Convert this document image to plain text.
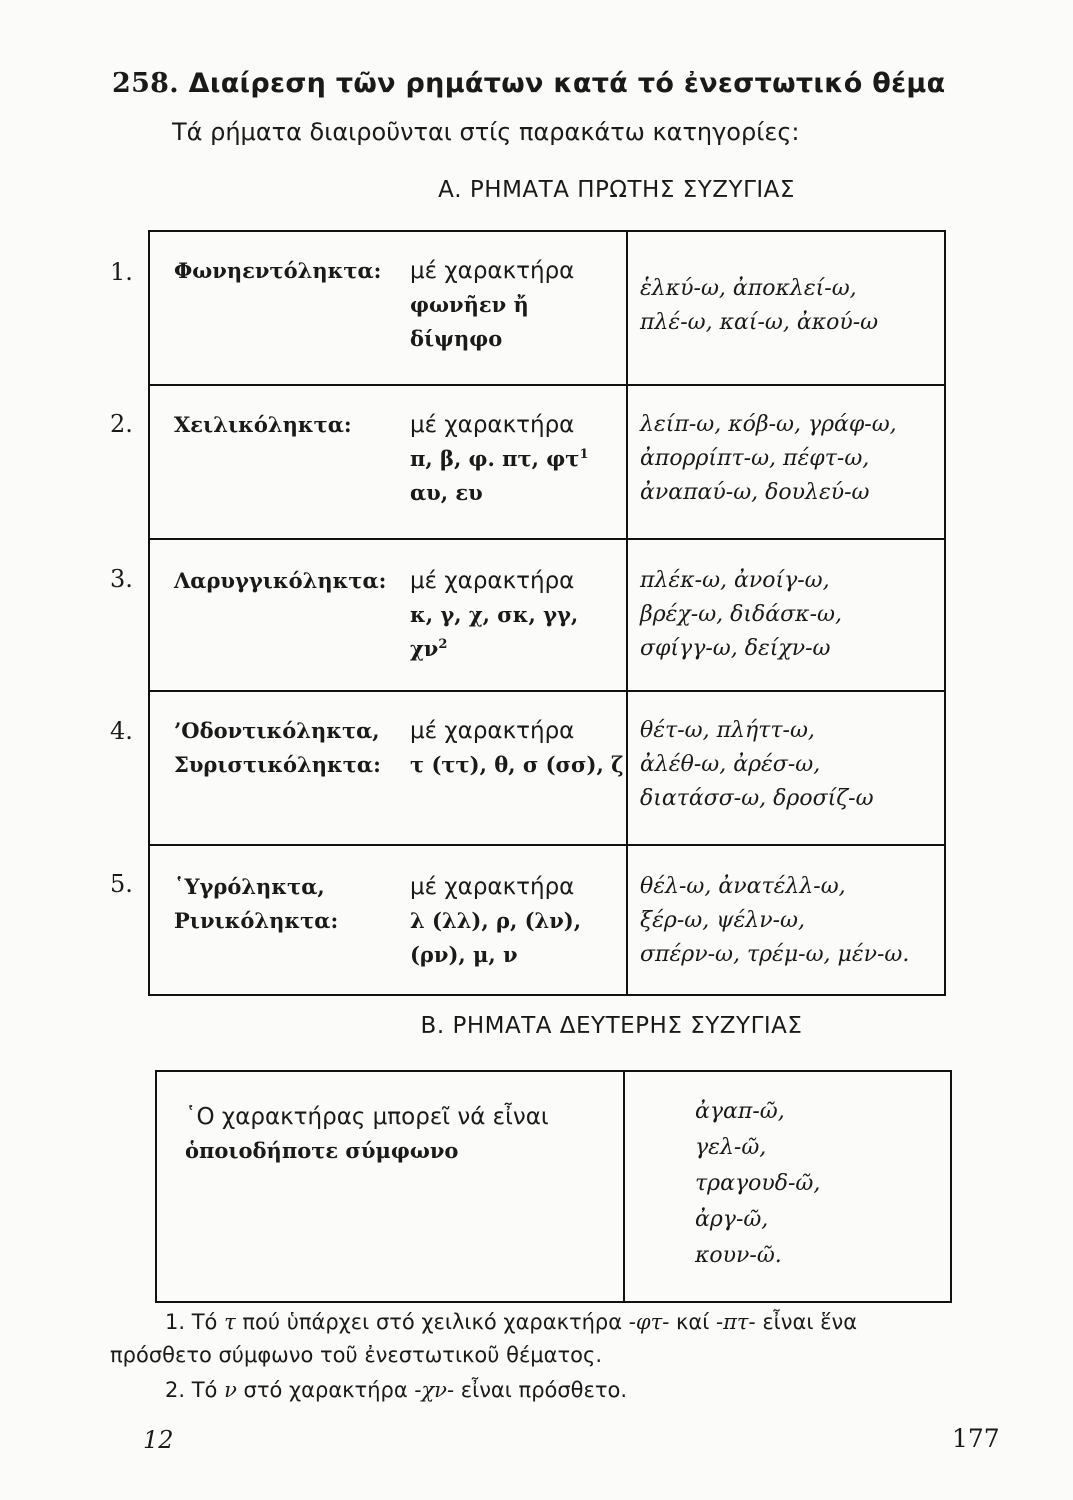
258. Διαίρεση τῶν ρημάτων κατά τό ἐνεστωτικό θέμα
Τά ρήματα διαιροῦνται στίς παρακάτω κατηγορίες:
Α. ΡΗΜΑΤΑ ΠΡΩΤΗΣ ΣΥΖΥΓΙΑΣ
1.
2.
3.
4.
5.
Φωνηεντόληκτα: μέ χαρακτήρα
φωνῆεν ἤ
δίψηφο
ἑλκύ-ω, ἀποκλεί-ω,
πλέ-ω, καί-ω, ἀκού-ω
Χειλικόληκτα:	μέ χαρακτήρα
π, β, φ. πτ, $\varphi\tau^1$
αυ, ευ
λείπ-ω, κόβ-ω, γράφ-ω,
ἀπορρίπτ-ω, πέφτ-ω,
ἀναπαύ-ω, δουλεύ-ω
Λαρυγγικόληκτα: μέ χαρακτήρα
κ, γ, χ, σκ, γγ,
$\chi\nu^2$
πλέκ-ω, ἀνοίγ-ω,
βρέχ-ω, διδάσκ-ω,
σφίγγ-ω, δείχν-ω
’Οδοντικόληκτα,
Συριστικόληκτα:
μέ χαρακτήρα
τ (ττ), θ, σ (σσ), ζ
θέτ-ω, πλήττ-ω,
ἀλέθ-ω, ἀρέσ-ω,
διατάσσ-ω, δροσίζ-ω
῾Υγρόληκτα,
Ρινικόληκτα:
μέ χαρακτήρα
λ (λλ), ρ, (λν),
(ρν), μ, ν
θέλ-ω, ἀνατέλλ-ω,
ξέρ-ω, ψέλν-ω,
σπέρν-ω, τρέμ-ω, μέν-ω.
Β. ΡΗΜΑΤΑ ΔΕΥΤΕΡΗΣ ΣΥΖΥΓΙΑΣ
῾Ο χαρακτήρας μπορεῖ νά εἶναι
ὁποιοδήποτε σύμφωνο
ἀγαπ-ῶ,
γελ-ῶ,
τραγουδ-ῶ,
ἀργ-ῶ,
κουν-ῶ.
1. Τό τ πού ὑπάρχει στό χειλικό χαρακτήρα -φτ- καί -πτ- εἶναι ἕνα
πρόσθετο σύμφωνο τοῦ ἐνεστωτικοῦ θέματος.
2. Τό ν στό χαρακτήρα -χν- εἶναι πρόσθετο.
12	177
